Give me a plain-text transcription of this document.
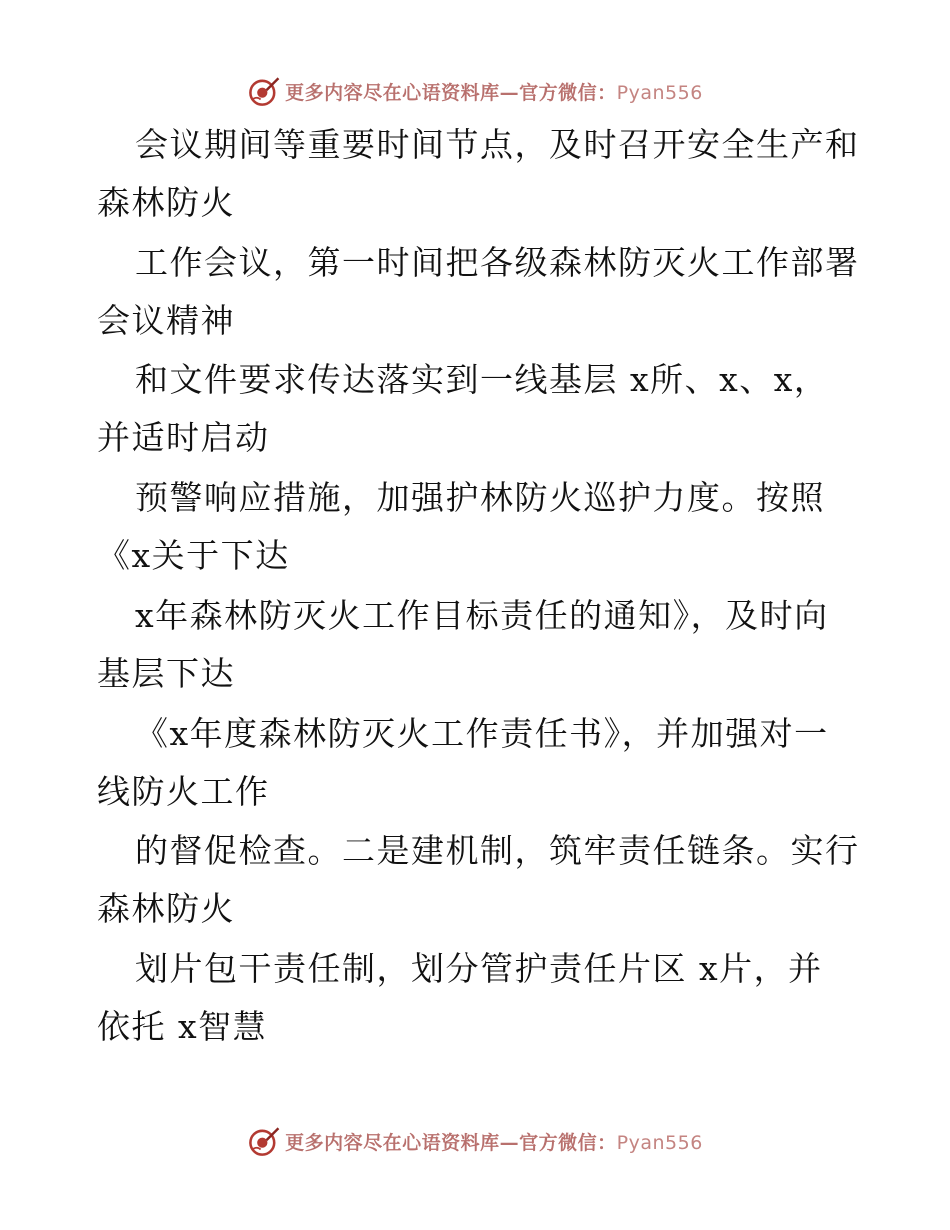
更多内容尽在心语资料库—官方微信：Pyan556
会议期间等重要时间节点，及时召开安全生产和
森林防火
工作会议，第一时间把各级森林防灭火工作部署
会议精神
和文件要求传达落实到一线基层 x所、x、x，
并适时启动
预警响应措施，加强护林防火巡护力度。按照
《x关于下达
x年森林防灭火工作目标责任的通知》，及时向
基层下达
《x年度森林防灭火工作责任书》，并加强对一
线防火工作
的督促检查。二是建机制，筑牢责任链条。实行
森林防火
划片包干责任制，划分管护责任片区 x片，并
依托 x智慧
更多内容尽在心语资料库—官方微信：Pyan556
